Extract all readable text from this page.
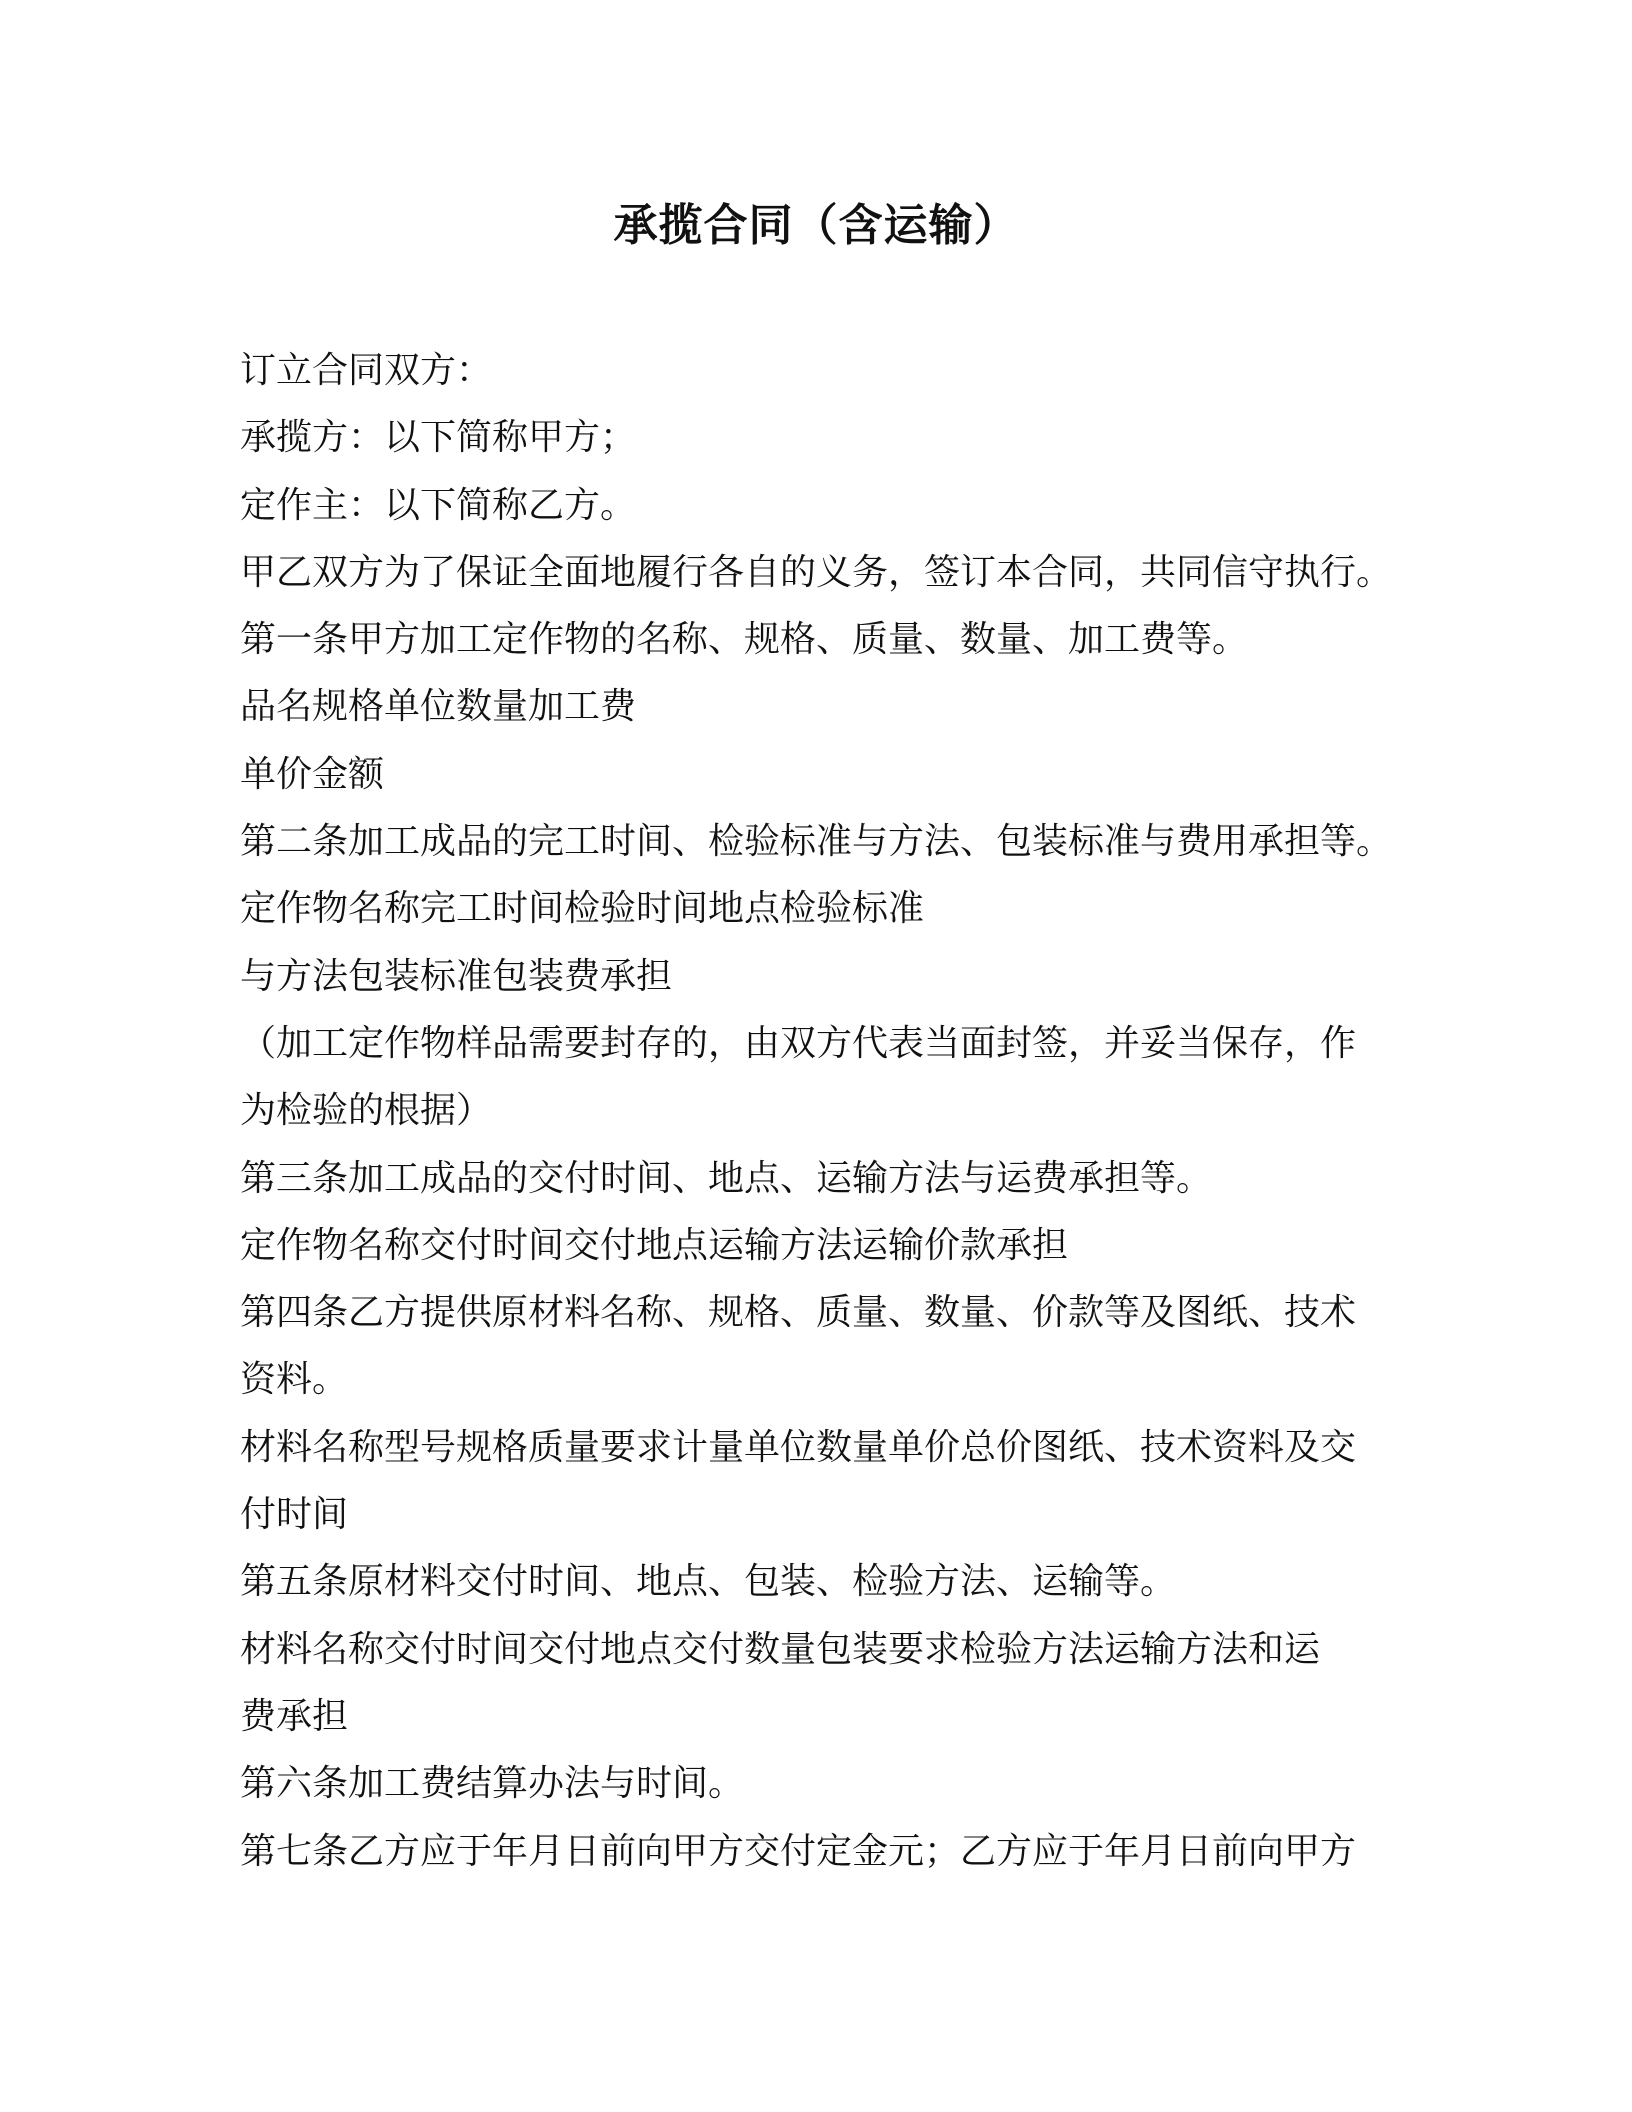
承揽合同（含运输）

订立合同双方：

承揽方：以下简称甲方；

定作主：以下简称乙方。

甲乙双方为了保证全面地履行各自的义务，签订本合同，共同信守执行。

第一条甲方加工定作物的名称、规格、质量、数量、加工费等。

品名规格单位数量加工费

单价金额

第二条加工成品的完工时间、检验标准与方法、包装标准与费用承担等。

定作物名称完工时间检验时间地点检验标准

与方法包装标准包装费承担

（加工定作物样品需要封存的，由双方代表当面封签，并妥当保存，作

为检验的根据）

第三条加工成品的交付时间、地点、运输方法与运费承担等。

定作物名称交付时间交付地点运输方法运输价款承担

第四条乙方提供原材料名称、规格、质量、数量、价款等及图纸、技术

资料。

材料名称型号规格质量要求计量单位数量单价总价图纸、技术资料及交

付时间

第五条原材料交付时间、地点、包装、检验方法、运输等。

材料名称交付时间交付地点交付数量包装要求检验方法运输方法和运

费承担

第六条加工费结算办法与时间。

第七条乙方应于年月日前向甲方交付定金元；乙方应于年月日前向甲方
